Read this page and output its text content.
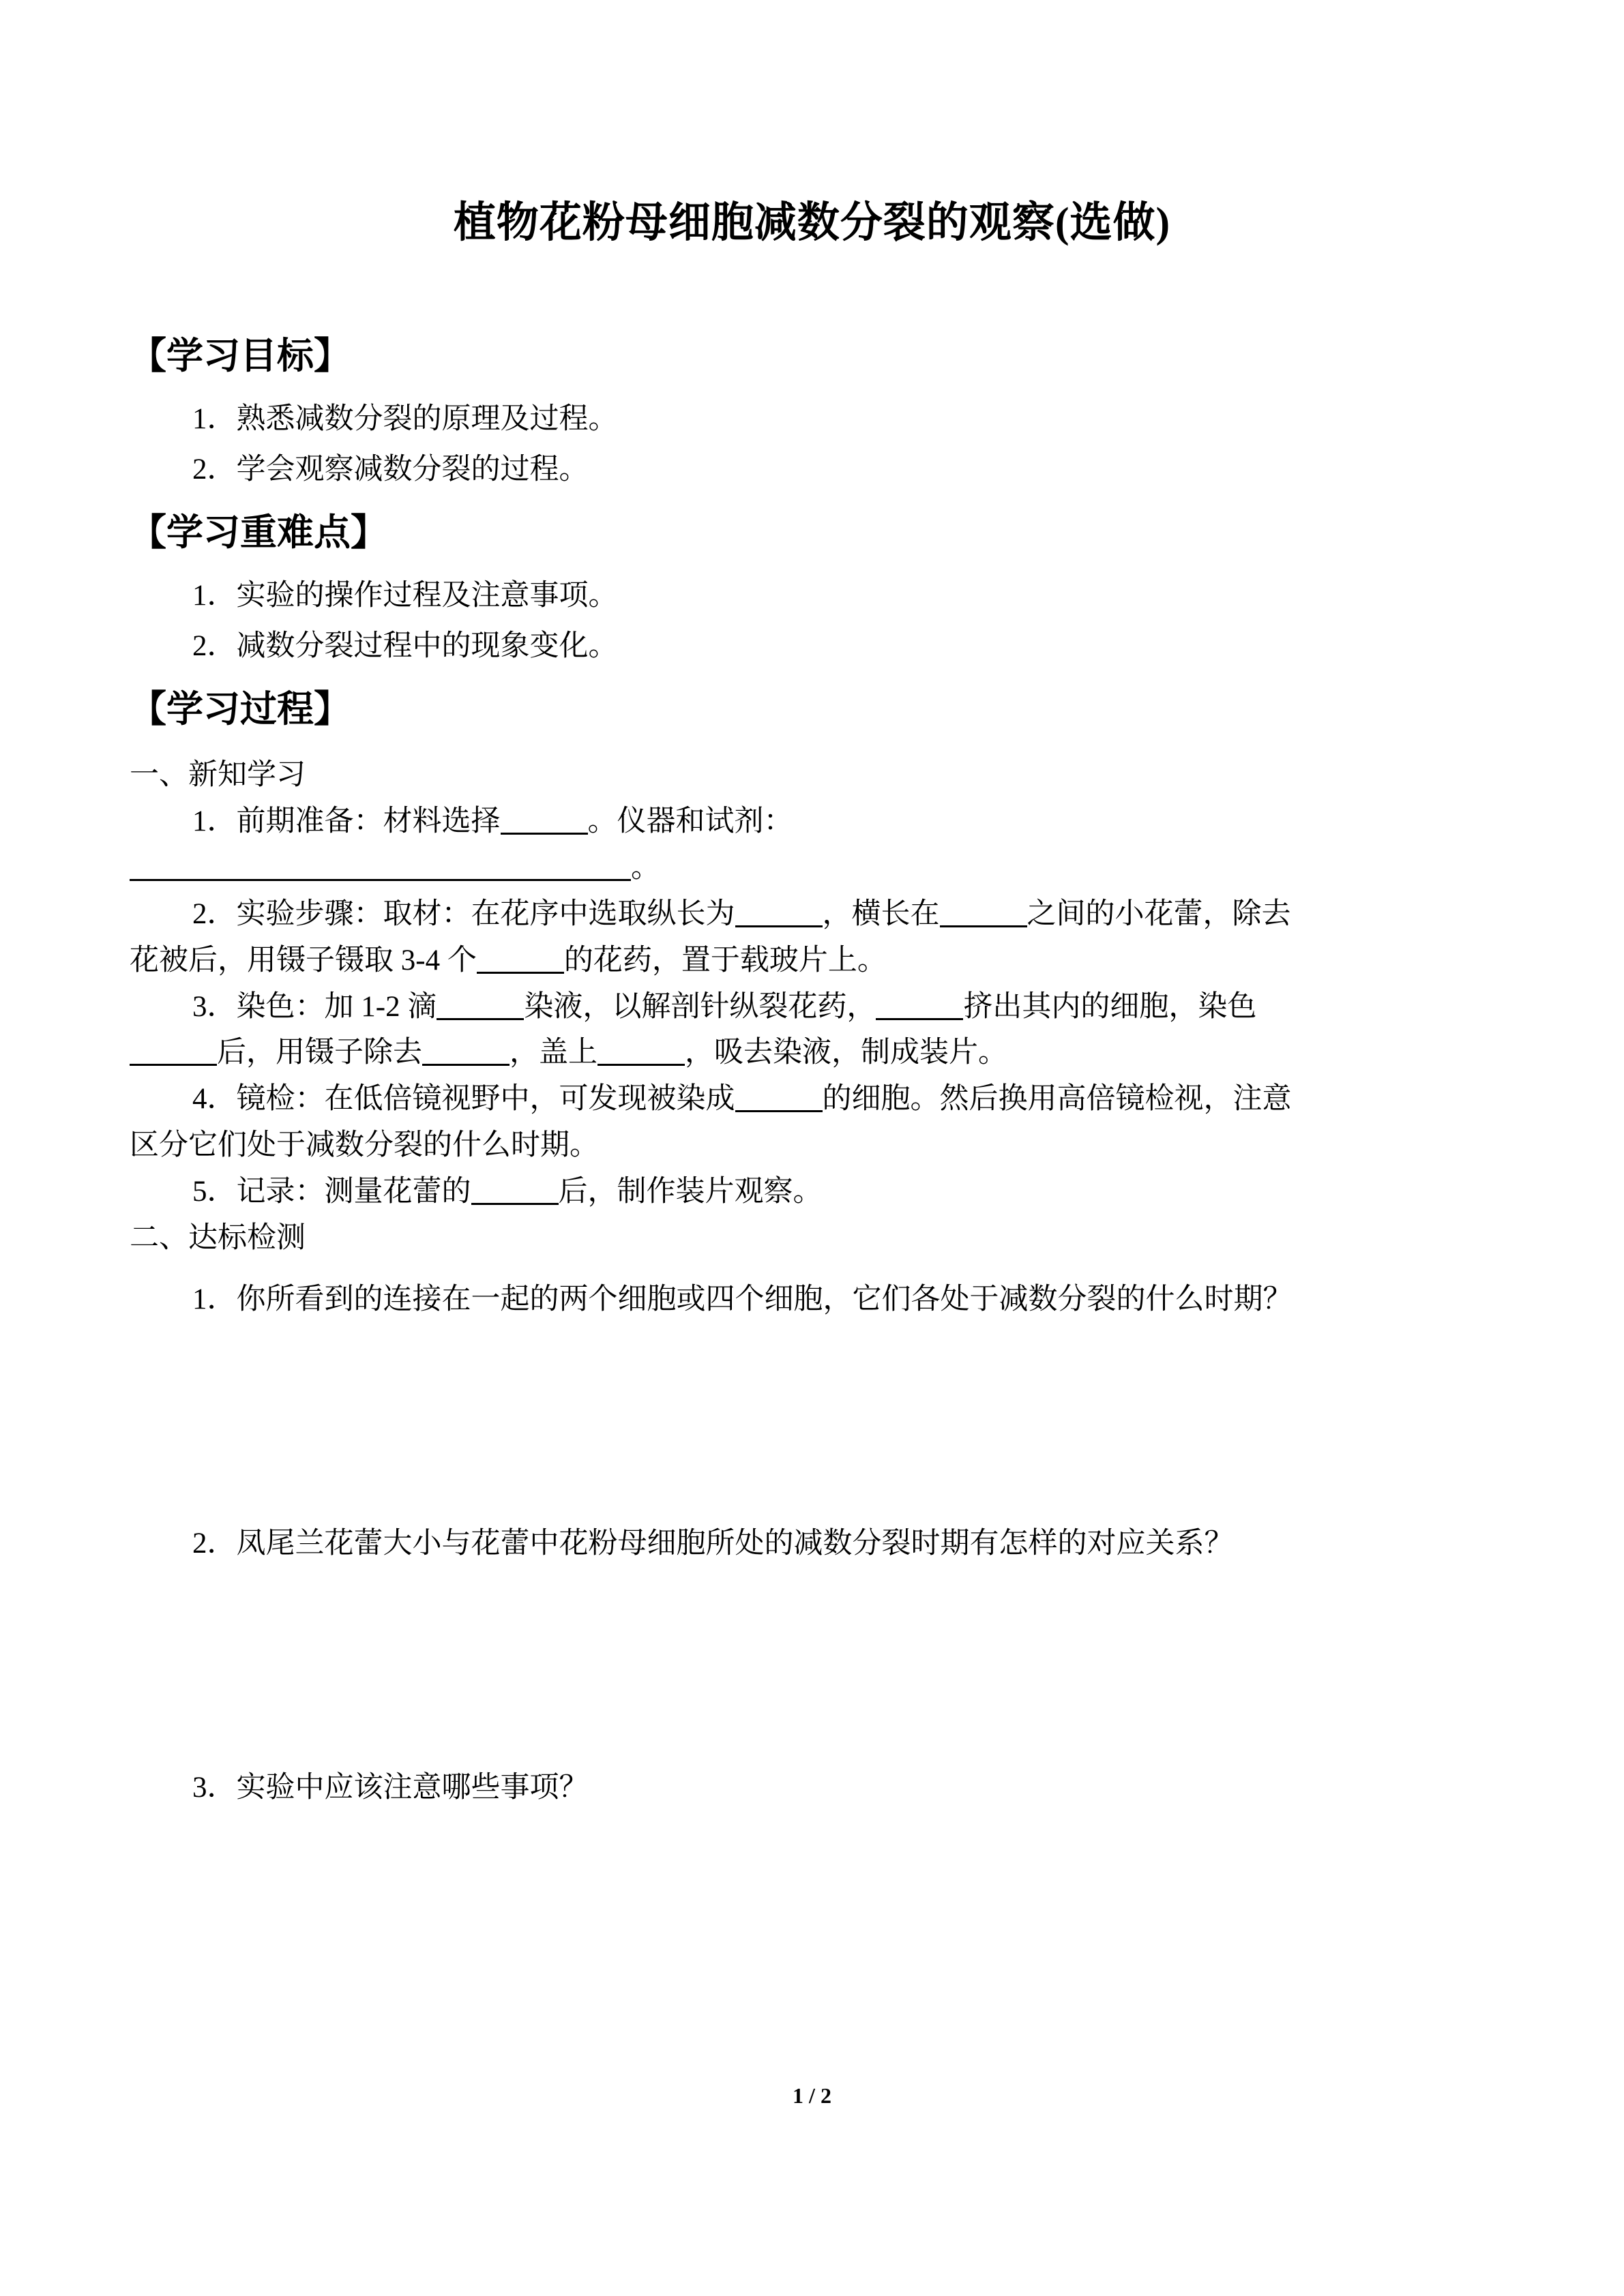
植物花粉母细胞减数分裂的观察(选做)
【学习目标】

1．熟悉减数分裂的原理及过程。

2．学会观察减数分裂的过程。

【学习重难点】

1．实验的操作过程及注意事项。

2．减数分裂过程中的现象变化。

【学习过程】

一、新知学习

1．前期准备：材料选择	。仪器和试剂：

。

2．实验步骤：取材：在花序中选取纵长为	，横长在	之间的小花蕾，除去

花被后，用镊子镊取 3-4 个	的花药，置于载玻片上。

3．染色：加 1-2 滴	染液，以解剖针纵裂花药，	挤出其内的细胞，染色

后，用镊子除去	，盖上	，吸去染液，制成装片。

4．镜检：在低倍镜视野中，可发现被染成	的细胞。然后换用高倍镜检视，注意

区分它们处于减数分裂的什么时期。

5．记录：测量花蕾的	后，制作装片观察。

二、达标检测

1．你所看到的连接在一起的两个细胞或四个细胞，它们各处于减数分裂的什么时期？

2．凤尾兰花蕾大小与花蕾中花粉母细胞所处的减数分裂时期有怎样的对应关系？

3．实验中应该注意哪些事项？

1 / 2
